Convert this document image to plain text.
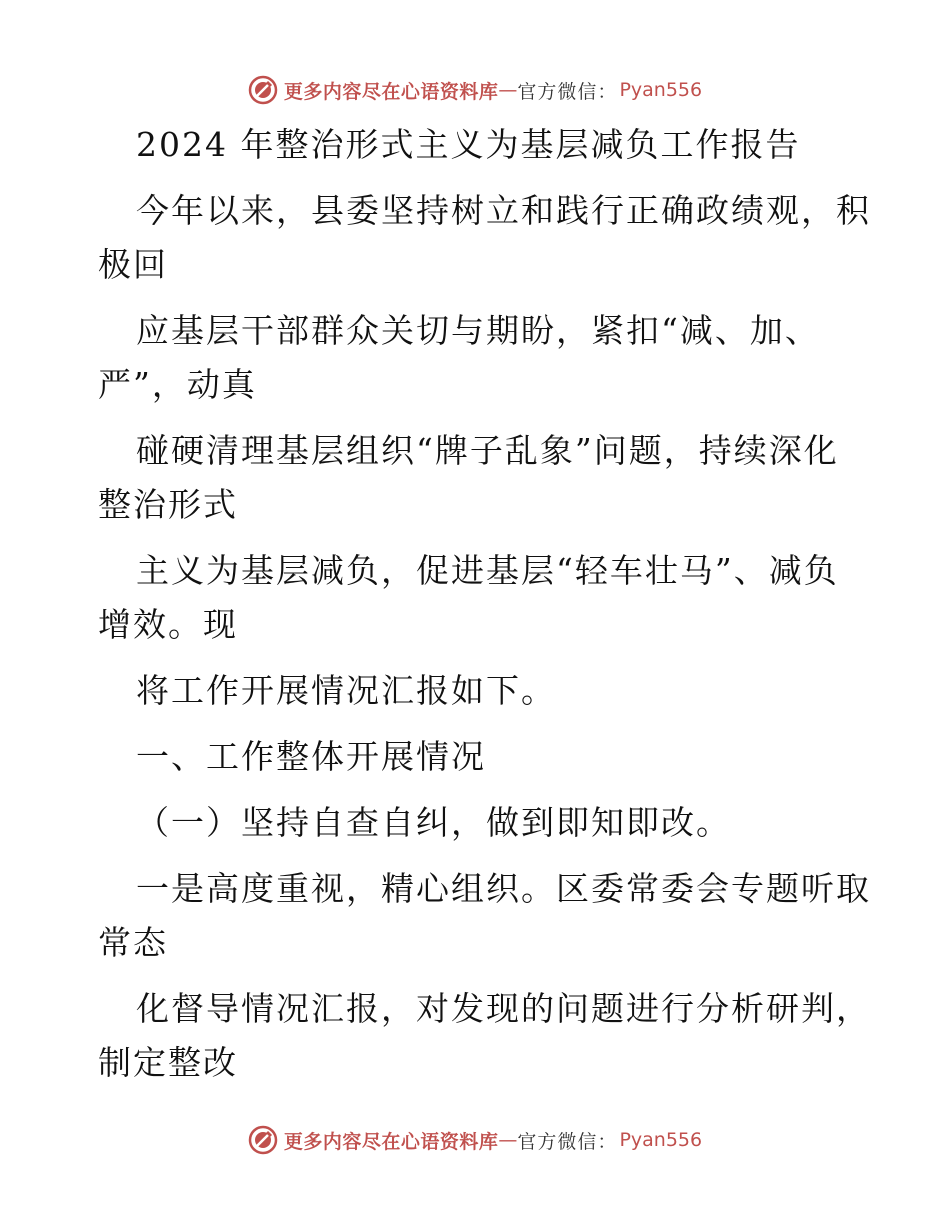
更多内容尽在心语资料库 — 官方微信： Pyan556
2024 年整治形式主义为基层减负工作报告
今年以来，县委坚持树立和践行正确政绩观，积
极回
应基层干部群众关切与期盼，紧扣“减、加、
严”，动真
碰硬清理基层组织“牌子乱象”问题，持续深化
整治形式
主义为基层减负，促进基层“轻车壮马”、减负
增效。现
将工作开展情况汇报如下。
一、工作整体开展情况
（一）坚持自查自纠，做到即知即改。
一是高度重视，精心组织。区委常委会专题听取
常态
化督导情况汇报，对发现的问题进行分析研判，
制定整改
更多内容尽在心语资料库 — 官方微信： Pyan556
